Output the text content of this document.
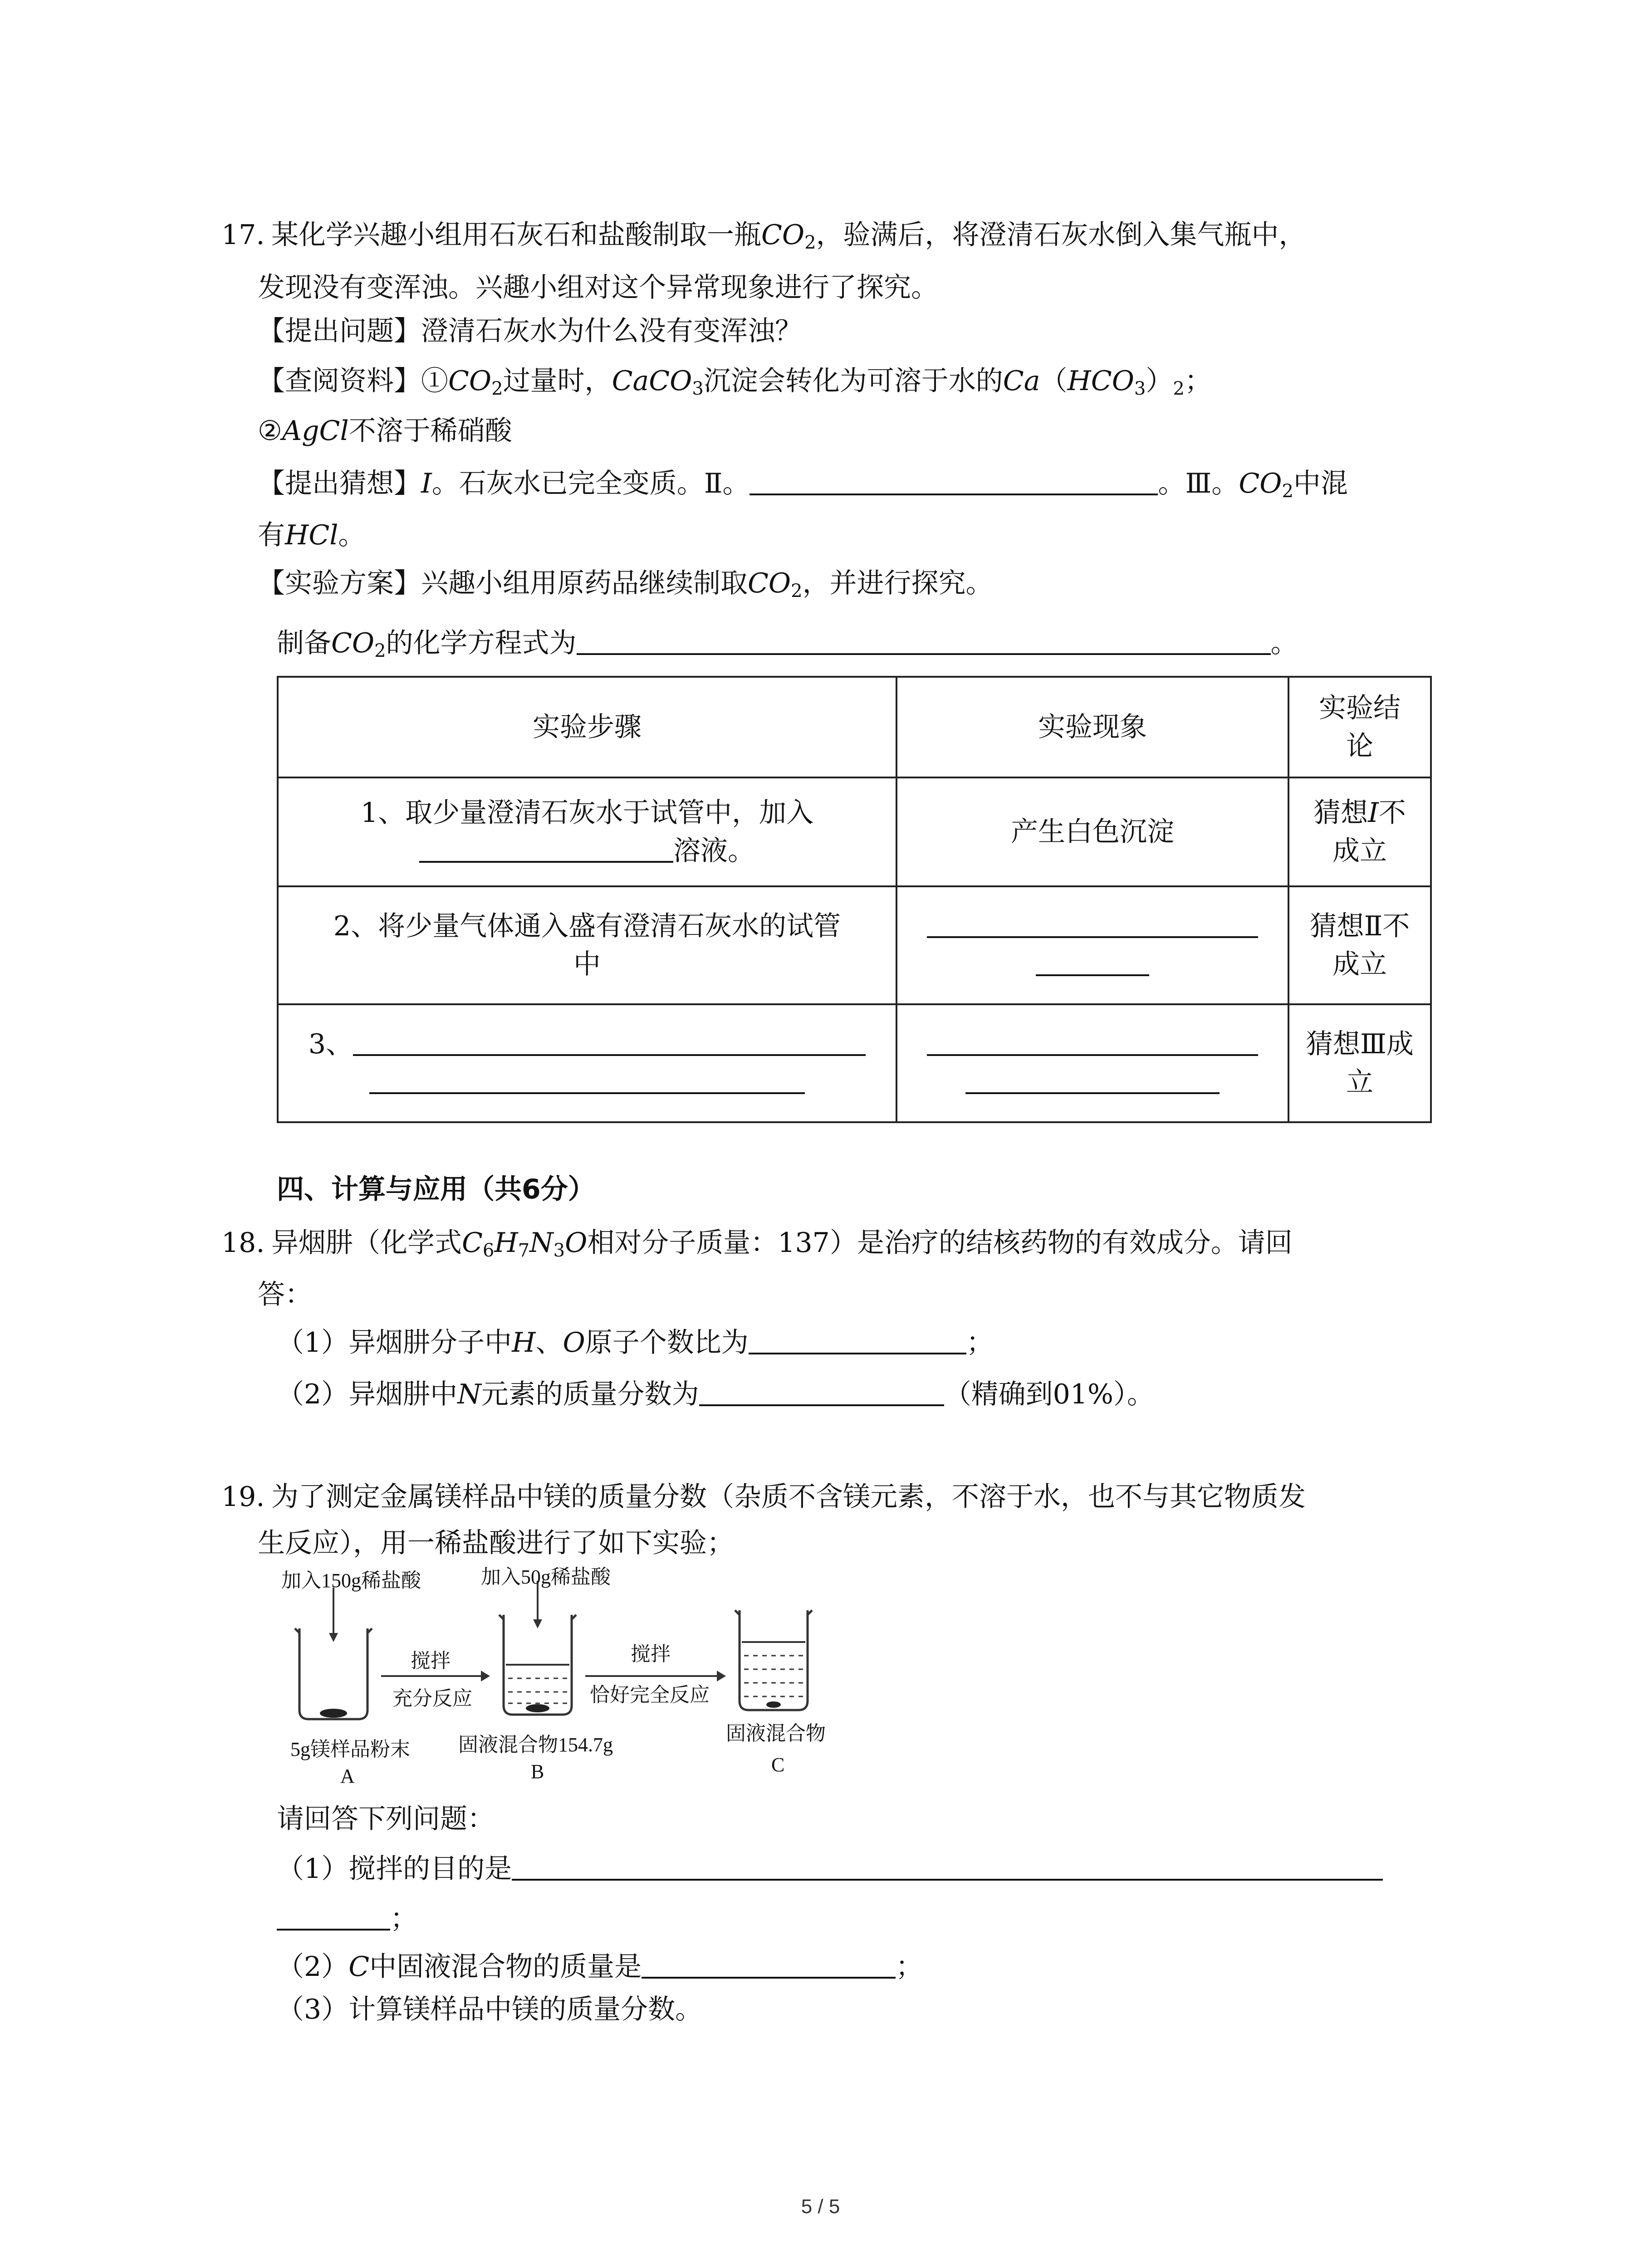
17. 某化学兴趣小组用石灰石和盐酸制取一瓶$CO_2$，验满后，将澄清石灰水倒入集气瓶中，
发现没有变浑浊。兴趣小组对这个异常现象进行了探究。
【提出问题】澄清石灰水为什么没有变浑浊？
【查阅资料】$①CO_2$过量时，CaCO$_3$沉淀会转化为可溶于水的$Ca(HCO_3)_2$；
②AgCl不溶于稀硝酸
【提出猜想】I。石灰水已完全变质。Ⅱ。	。Ⅲ。$CO_2$中混
有HCl。
【实验方案】兴趣小组用原药品继续制取$CO_2$，并进行探究。
制备$CO_2$的化学方程式为	。
实验步骤	实验现象	实验结
论
1、取少量澄清石灰水于试管中，加入
溶液。	产生白色沉淀	猜想I不
成立
2、将少量气体通入盛有澄清石灰水的试管
中		猜想Ⅱ不
成立
3、		猜想Ⅲ成
立
四、计算与应用（共6分）
18. 异烟肼（化学式$C_6H_7N_3O$相对分子质量：137）是治疗的结核药物的有效成分。请回
答：
（1）异烟肼分子中H、O原子个数比为	；
（2）异烟肼中N元素的质量分数为	（精确到01%）。
19. 为了测定金属镁样品中镁的质量分数（杂质不含镁元素，不溶于水，也不与其它物质发
生反应），用一稀盐酸进行了如下实验；
加入150g稀盐酸	加入50g稀盐酸
搅拌
充分反应
搅拌
恰好完全反应
5g镁样品粉末 固液混合物154.7g
固液混合物
A	B	C
请回答下列问题：
（1）搅拌的目的是
；
（2）C中固液混合物的质量是	；
（3）计算镁样品中镁的质量分数。
5 / 5
